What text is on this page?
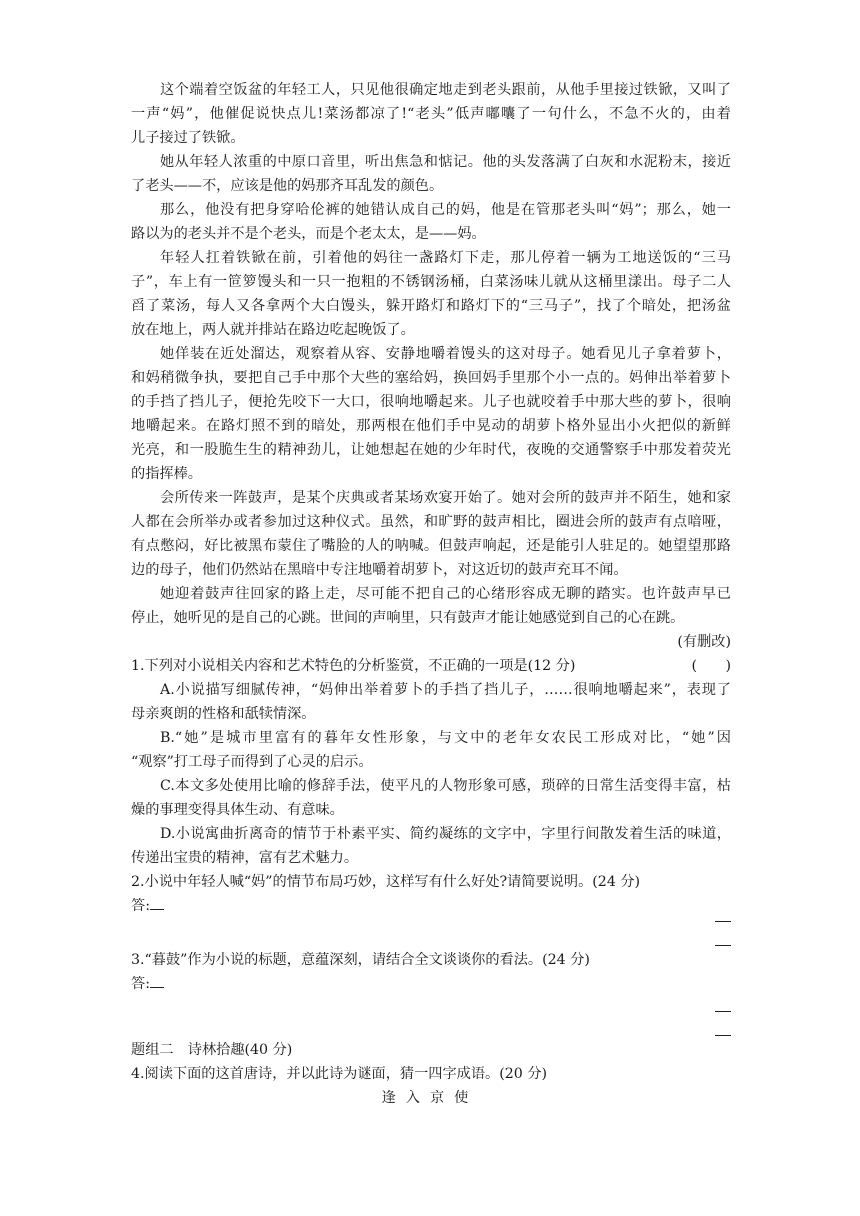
这个端着空饭盆的年轻工人，只见他很确定地走到老头跟前，从他手里接过铁锨，又叫了
一声“妈”，他催促说快点儿!菜汤都凉了!“老头”低声嘟囔了一句什么，不急不火的，由着
儿子接过了铁锨。
她从年轻人浓重的中原口音里，听出焦急和惦记。他的头发落满了白灰和水泥粉末，接近
了老头——不，应该是他的妈那齐耳乱发的颜色。
那么，他没有把身穿哈伦裤的她错认成自己的妈，他是在管那老头叫“妈”；那么，她一
路以为的老头并不是个老头，而是个老太太，是——妈。
年轻人扛着铁锨在前，引着他的妈往一盏路灯下走，那儿停着一辆为工地送饭的“三马
子”，车上有一笸箩馒头和一只一抱粗的不锈钢汤桶，白菜汤味儿就从这桶里漾出。母子二人
舀了菜汤，每人又各拿两个大白馒头，躲开路灯和路灯下的“三马子”，找了个暗处，把汤盆
放在地上，两人就并排站在路边吃起晚饭了。
她佯装在近处溜达，观察着从容、安静地嚼着馒头的这对母子。她看见儿子拿着萝卜，
和妈稍微争执，要把自己手中那个大些的塞给妈，换回妈手里那个小一点的。妈伸出举着萝卜
的手挡了挡儿子，便抢先咬下一大口，很响地嚼起来。儿子也就咬着手中那大些的萝卜，很响
地嚼起来。在路灯照不到的暗处，那两根在他们手中晃动的胡萝卜格外显出小火把似的新鲜
光亮，和一股脆生生的精神劲儿，让她想起在她的少年时代，夜晚的交通警察手中那发着荧光
的指挥棒。
会所传来一阵鼓声，是某个庆典或者某场欢宴开始了。她对会所的鼓声并不陌生，她和家
人都在会所举办或者参加过这种仪式。虽然，和旷野的鼓声相比，圈进会所的鼓声有点喑哑，
有点憋闷，好比被黑布蒙住了嘴脸的人的呐喊。但鼓声响起，还是能引人驻足的。她望望那路
边的母子，他们仍然站在黑暗中专注地嚼着胡萝卜，对这近切的鼓声充耳不闻。
她迎着鼓声往回家的路上走，尽可能不把自己的心绪形容成无聊的踏实。也许鼓声早已
停止，她听见的是自己的心跳。世间的声响里，只有鼓声才能让她感觉到自己的心在跳。
(有删改)
1.下列对小说相关内容和艺术特色的分析鉴赏，不正确的一项是(12 分)	(　　)
A.小说描写细腻传神，“妈伸出举着萝卜的手挡了挡儿子，……很响地嚼起来”，表现了
母亲爽朗的性格和舐犊情深。
B.“她”是城市里富有的暮年女性形象，与文中的老年女农民工形成对比，“她”因
“观察”打工母子而得到了心灵的启示。
C.本文多处使用比喻的修辞手法，使平凡的人物形象可感，琐碎的日常生活变得丰富，枯
燥的事理变得具体生动、有意味。
D.小说寓曲折离奇的情节于朴素平实、简约凝练的文字中，字里行间散发着生活的味道，
传递出宝贵的精神，富有艺术魅力。
2.小说中年轻人喊“妈”的情节布局巧妙，这样写有什么好处?请简要说明。(24 分)
答:
3.“暮鼓”作为小说的标题，意蕴深刻，请结合全文谈谈你的看法。(24 分)
答:
题组二　诗林拾趣(40 分)
4.阅读下面的这首唐诗，并以此诗为谜面，猜一四字成语。(20 分)
逢入京使
